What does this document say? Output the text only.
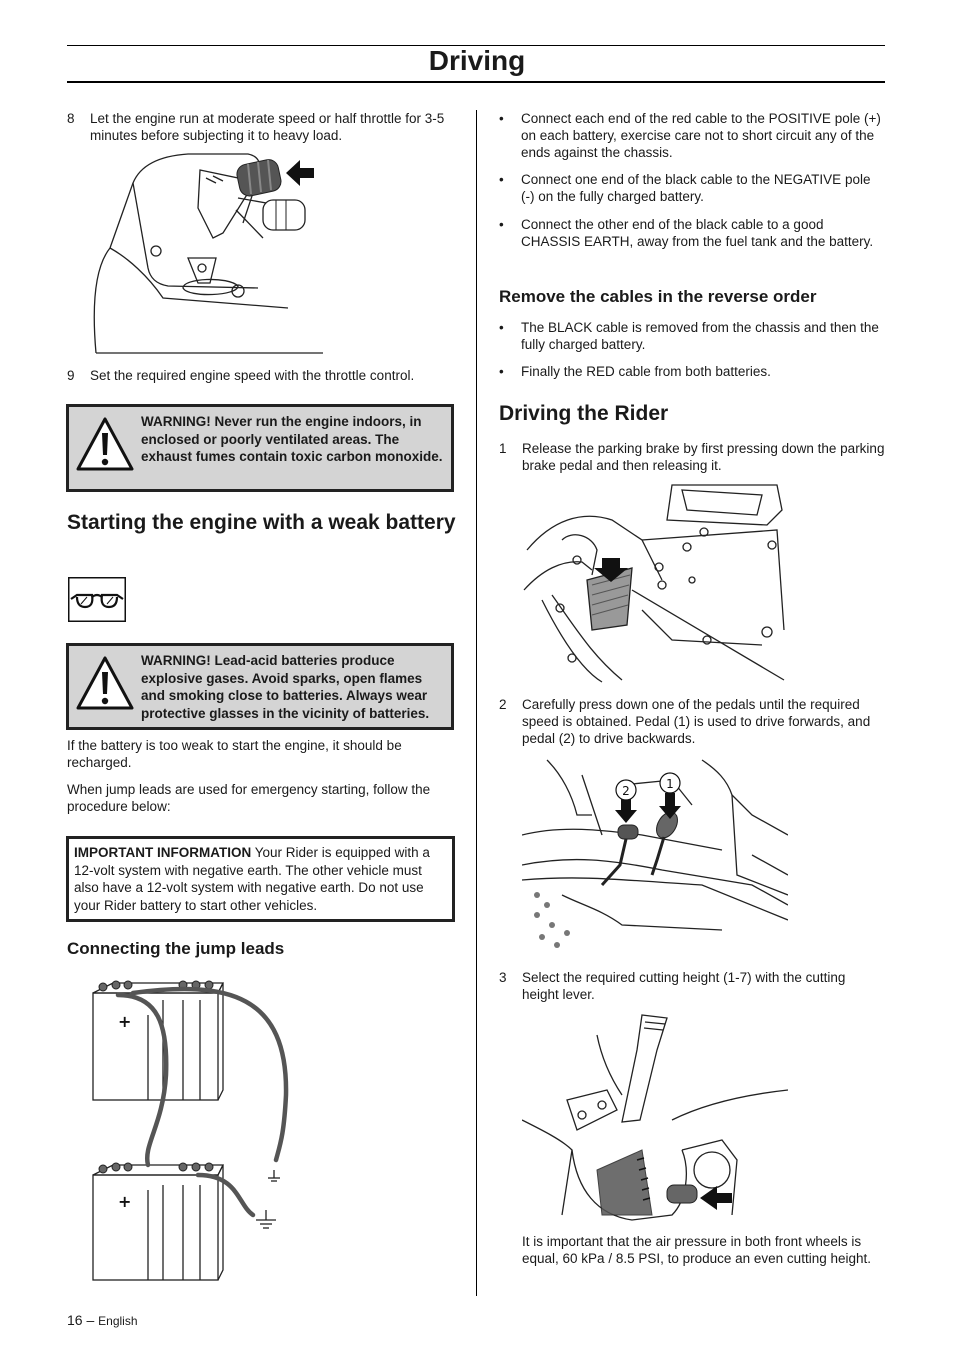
Driving
8	Let the engine run at moderate speed or half throttle for 3-5 minutes before subjecting it to heavy load.
9	Set the required engine speed with the throttle control.
WARNING! Never run the engine indoors, in enclosed or poorly ventilated areas. The exhaust fumes contain toxic carbon monoxide.
Starting the engine with a weak battery
WARNING! Lead-acid batteries produce explosive gases. Avoid sparks, open flames and smoking close to batteries. Always wear protective glasses in the vicinity of batteries.
If the battery is too weak to start the engine, it should be recharged.
When jump leads are used for emergency starting, follow the procedure below:
IMPORTANT INFORMATION Your Rider is equipped with a 12-volt system with negative earth. The other vehicle must also have a 12-volt system with negative earth. Do not use your Rider battery to start other vehicles.
Connecting the jump leads
+
+
• Connect each end of the red cable to the POSITIVE pole (+) on each battery, exercise care not to short circuit any of the ends against the chassis.
• Connect one end of the black cable to the NEGATIVE pole (-) on the fully charged battery.
• Connect the other end of the black cable to a good CHASSIS EARTH, away from the fuel tank and the battery.
Remove the cables in the reverse order
• The BLACK cable is removed from the chassis and then the fully charged battery.
• Finally the RED cable from both batteries.
Driving the Rider
1	Release the parking brake by first pressing down the parking brake pedal and then releasing it.
2	Carefully press down one of the pedals until the required speed is obtained. Pedal (1) is used to drive forwards, and pedal (2) to drive backwards.
2	1
3	Select the required cutting height (1-7) with the cutting height lever.
It is important that the air pressure in both front wheels is equal, 60 kPa / 8.5 PSI, to produce an even cutting height.
16 – English
